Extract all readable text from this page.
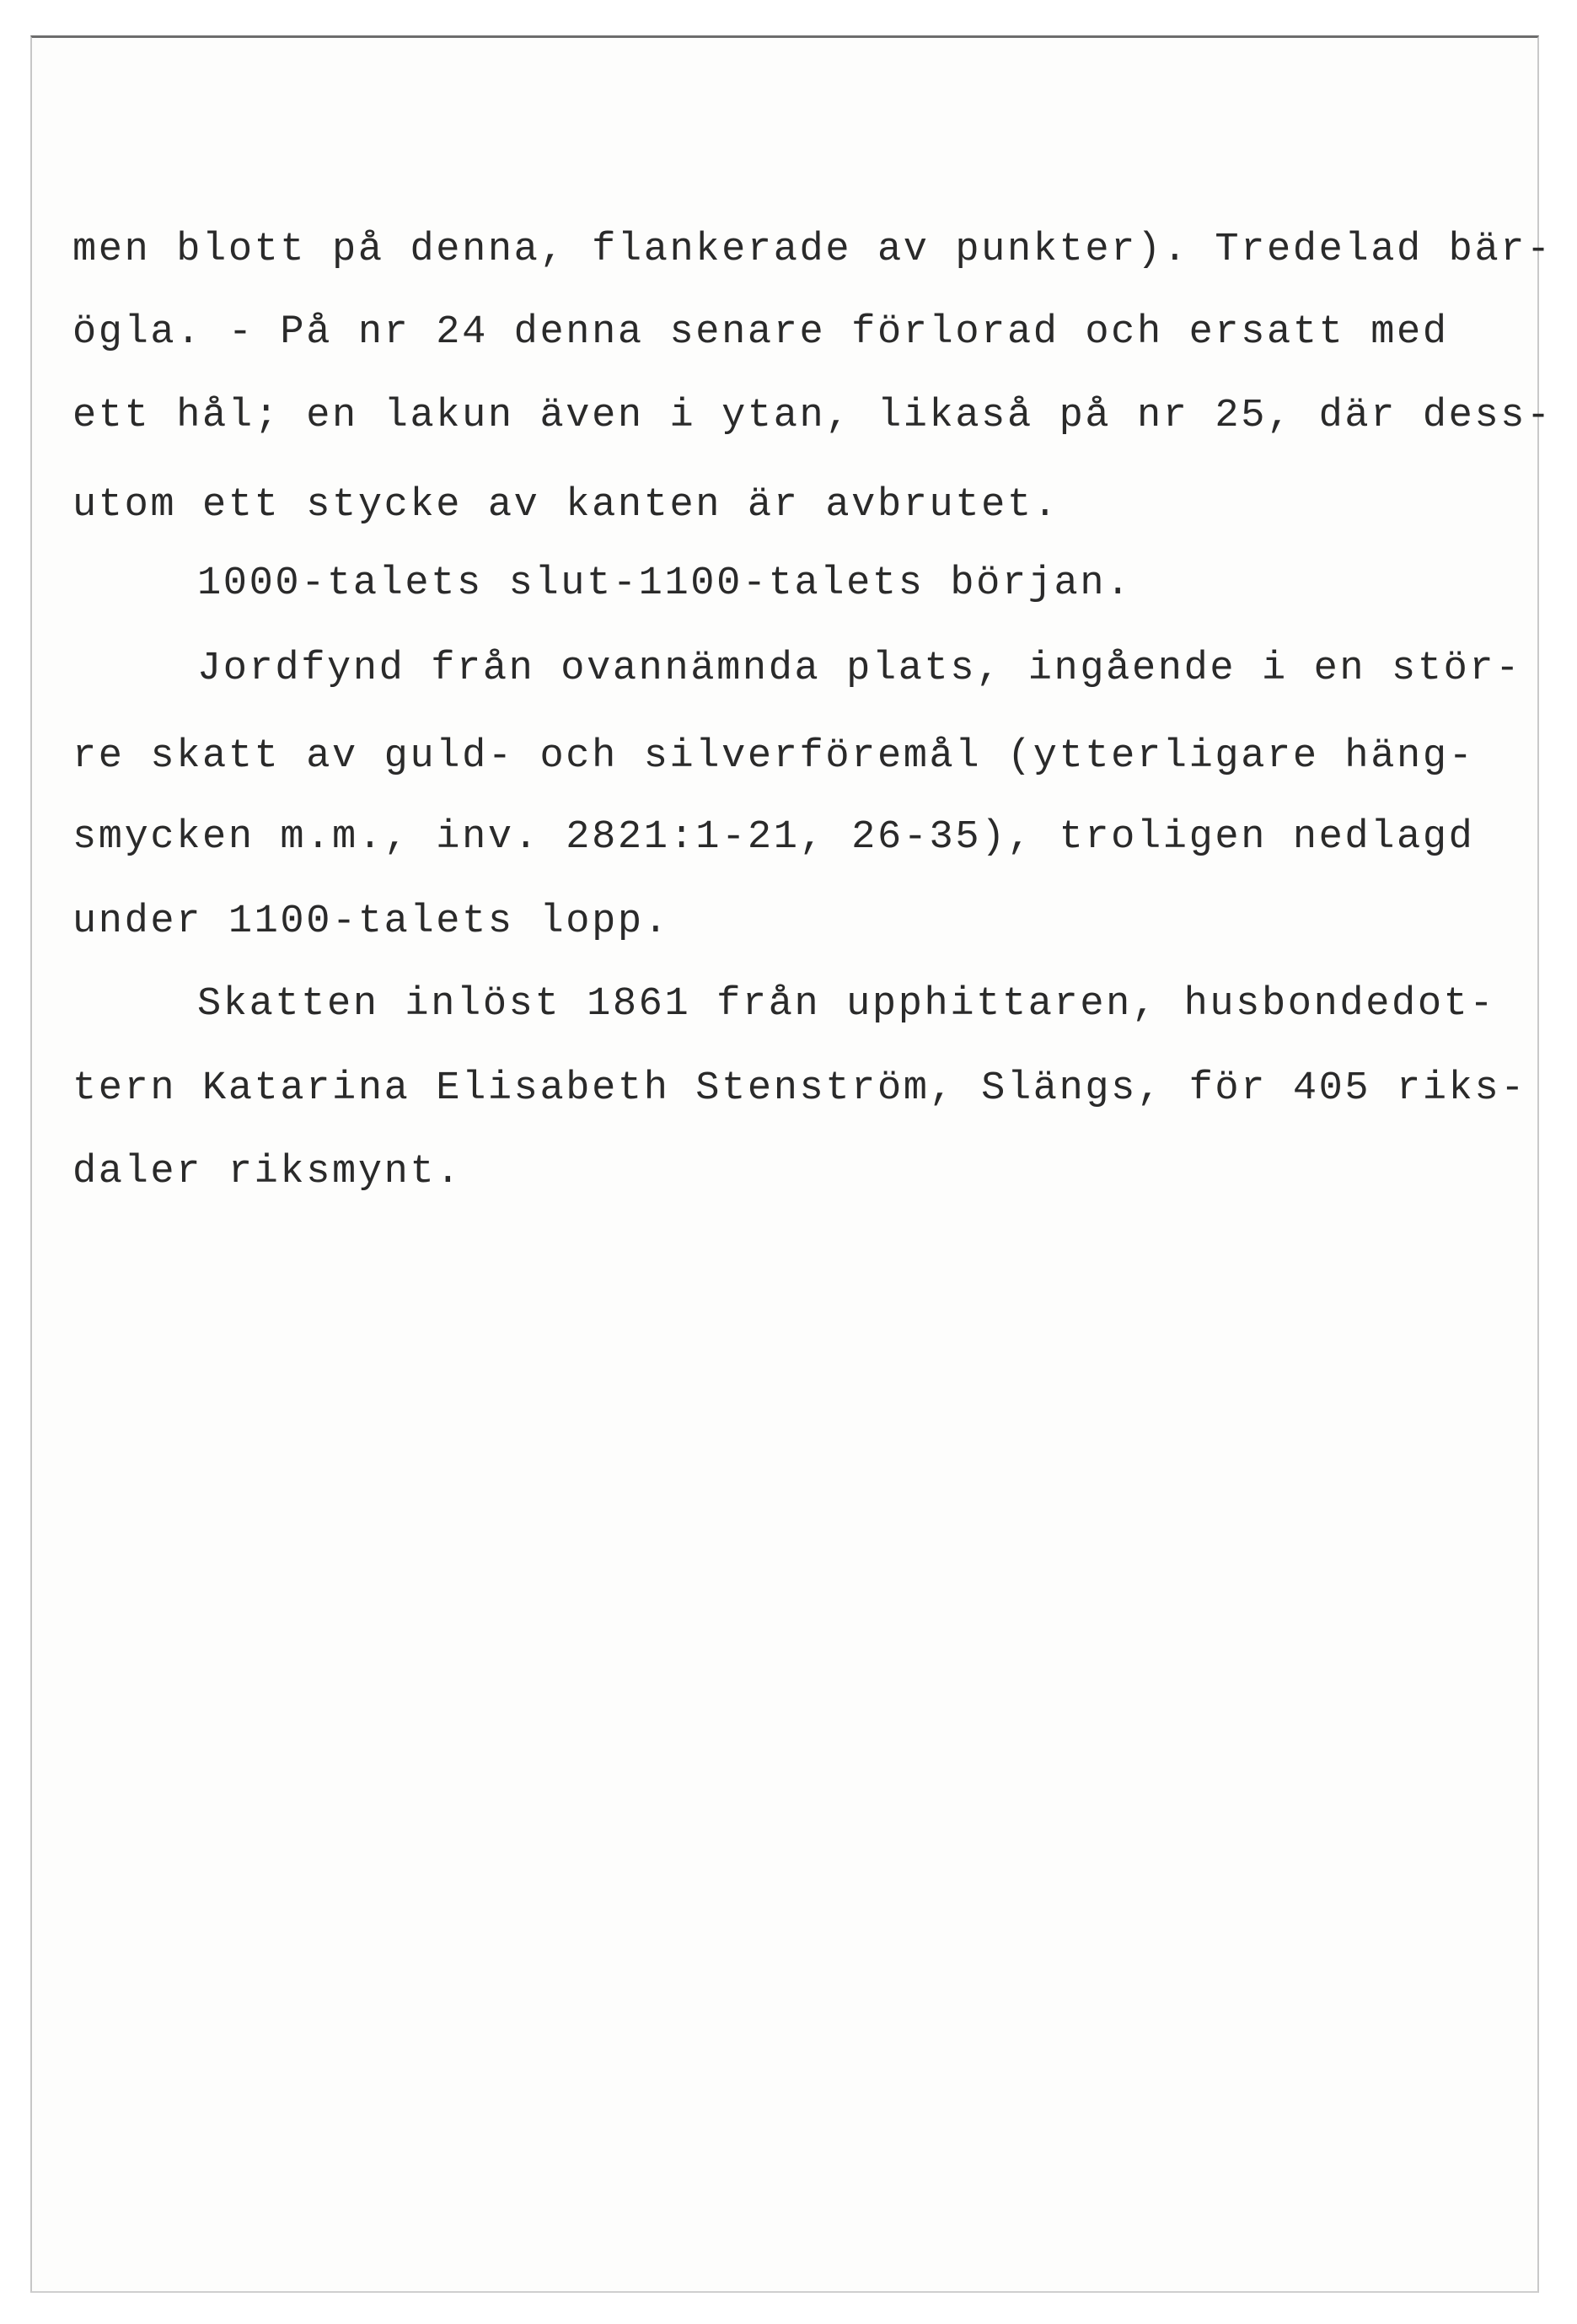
men blott på denna, flankerade av punkter). Tredelad bär-
ögla. - På nr 24 denna senare förlorad och ersatt med
ett hål; en lakun även i ytan, likaså på nr 25, där dess-
utom ett stycke av kanten är avbrutet.
1000-talets slut-1100-talets början.
Jordfynd från ovannämnda plats, ingående i en stör-
re skatt av guld- och silverföremål (ytterligare häng-
smycken m.m., inv. 2821:1-21, 26-35), troligen nedlagd
under 1100-talets lopp.
Skatten inlöst 1861 från upphittaren, husbondedot-
tern Katarina Elisabeth Stenström, Slängs, för 405 riks-
daler riksmynt.
